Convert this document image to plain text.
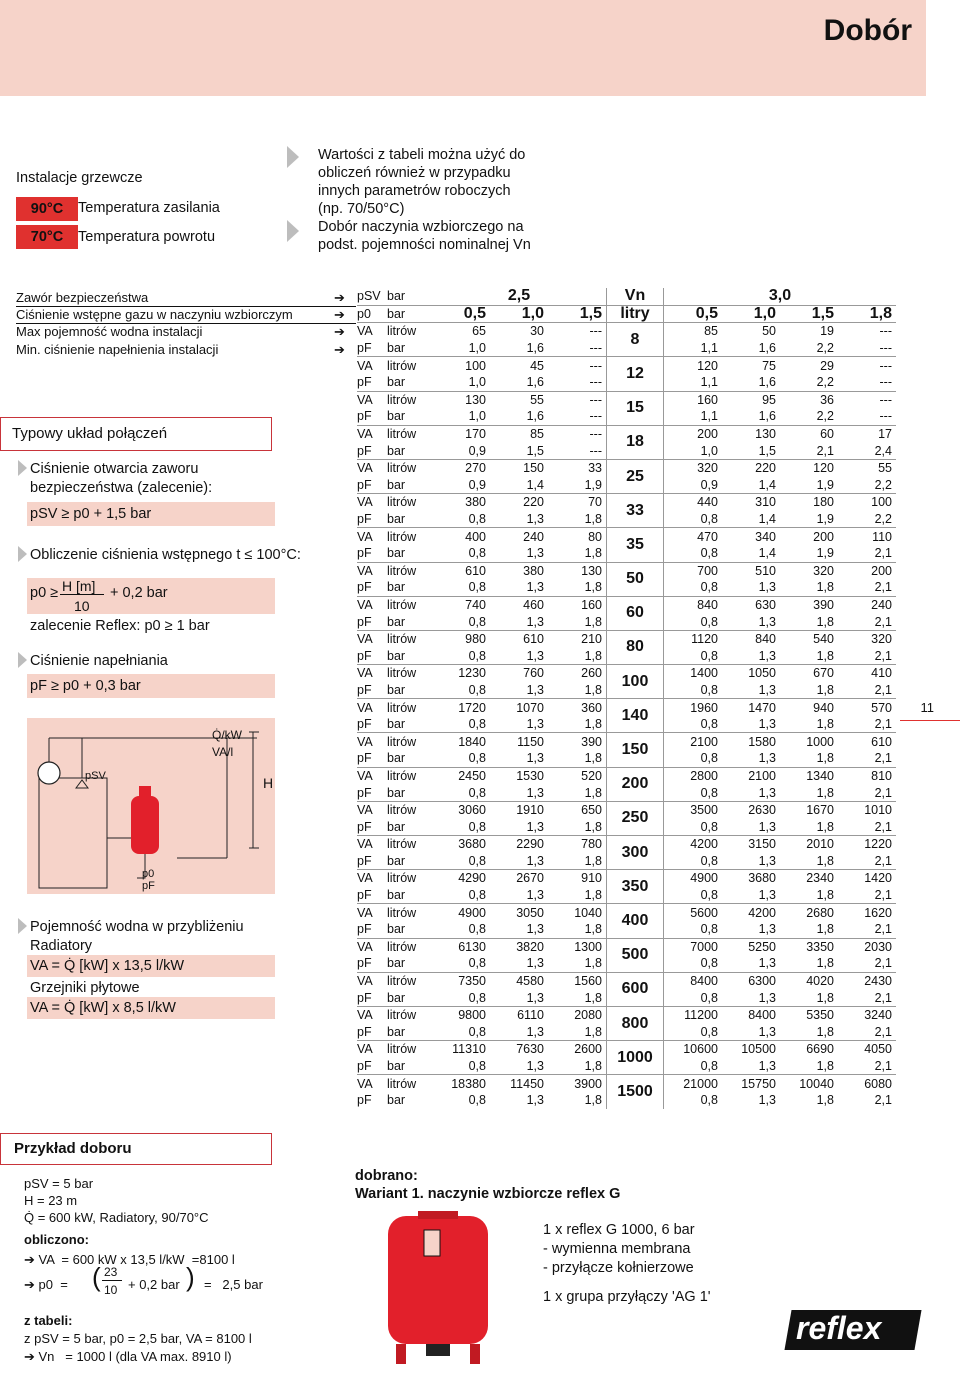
Dobór
11
Instalacje grzewcze
90°C	Temperatura zasilania
70°C	Temperatura powrotu
Wartości z tabeli można użyć do
obliczeń również w przypadku
innych parametrów roboczych
(np. 70/50°C)
Dobór naczynia wzbiorczego na
podst. pojemności nominalnej Vn
Zawór bezpieczeństwa
Ciśnienie wstępne gazu w naczyniu wzbiorczym
Max pojemność wodna instalacji
Min. ciśnienie napełnienia instalacji
➔
➔
➔
➔
pSV	bar	2,5			Vn	3,0			
p0	bar	0,5	1,0	1,5	litry	0,5	1,0	1,5	1,8
VA	litrów	65	30	---	8	85	50	19	---
pF	bar	1,0	1,6	---		1,1	1,6	2,2	---
VA	litrów	100	45	---	12	120	75	29	---
pF	bar	1,0	1,6	---		1,1	1,6	2,2	---
VA	litrów	130	55	---	15	160	95	36	---
pF	bar	1,0	1,6	---		1,1	1,6	2,2	---
VA	litrów	170	85	---	18	200	130	60	17
pF	bar	0,9	1,5	---		1,0	1,5	2,1	2,4
VA	litrów	270	150	33	25	320	220	120	55
pF	bar	0,9	1,4	1,9		0,9	1,4	1,9	2,2
VA	litrów	380	220	70	33	440	310	180	100
pF	bar	0,8	1,3	1,8		0,8	1,4	1,9	2,2
VA	litrów	400	240	80	35	470	340	200	110
pF	bar	0,8	1,3	1,8		0,8	1,4	1,9	2,1
VA	litrów	610	380	130	50	700	510	320	200
pF	bar	0,8	1,3	1,8		0,8	1,3	1,8	2,1
VA	litrów	740	460	160	60	840	630	390	240
pF	bar	0,8	1,3	1,8		0,8	1,3	1,8	2,1
VA	litrów	980	610	210	80	1120	840	540	320
pF	bar	0,8	1,3	1,8		0,8	1,3	1,8	2,1
VA	litrów	1230	760	260	100	1400	1050	670	410
pF	bar	0,8	1,3	1,8		0,8	1,3	1,8	2,1
VA	litrów	1720	1070	360	140	1960	1470	940	570
pF	bar	0,8	1,3	1,8		0,8	1,3	1,8	2,1
VA	litrów	1840	1150	390	150	2100	1580	1000	610
pF	bar	0,8	1,3	1,8		0,8	1,3	1,8	2,1
VA	litrów	2450	1530	520	200	2800	2100	1340	810
pF	bar	0,8	1,3	1,8		0,8	1,3	1,8	2,1
VA	litrów	3060	1910	650	250	3500	2630	1670	1010
pF	bar	0,8	1,3	1,8		0,8	1,3	1,8	2,1
VA	litrów	3680	2290	780	300	4200	3150	2010	1220
pF	bar	0,8	1,3	1,8		0,8	1,3	1,8	2,1
VA	litrów	4290	2670	910	350	4900	3680	2340	1420
pF	bar	0,8	1,3	1,8		0,8	1,3	1,8	2,1
VA	litrów	4900	3050	1040	400	5600	4200	2680	1620
pF	bar	0,8	1,3	1,8		0,8	1,3	1,8	2,1
VA	litrów	6130	3820	1300	500	7000	5250	3350	2030
pF	bar	0,8	1,3	1,8		0,8	1,3	1,8	2,1
VA	litrów	7350	4580	1560	600	8400	6300	4020	2430
pF	bar	0,8	1,3	1,8		0,8	1,3	1,8	2,1
VA	litrów	9800	6110	2080	800	11200	8400	5350	3240
pF	bar	0,8	1,3	1,8		0,8	1,3	1,8	2,1
VA	litrów	11310	7630	2600	1000	10600	10500	6690	4050
pF	bar	0,8	1,3	1,8		0,8	1,3	1,8	2,1
VA	litrów	18380	11450	3900	1500	21000	15750	10040	6080
pF	bar	0,8	1,3	1,8		0,8	1,3	1,8	2,1
Typowy układ połączeń
Ciśnienie otwarcia zaworu
bezpieczeństwa (zalecenie):
pSV ≥ p0 + 1,5 bar
Obliczenie ciśnienia wstępnego t ≤ 100°C:
p0 ≥ H [m]
10
+ 0,2 bar
zalecenie Reflex: p0 ≥ 1 bar
Ciśnienie napełniania
pF ≥ p0 + 0,3 bar
pSV
Q̇/kW
VA/l
H
p0
pF
Pojemność wodna w przybliżeniu
Radiatory
VA = Q̇ [kW] x 13,5 l/kW
Grzejniki płytowe
VA = Q̇ [kW] x 8,5 l/kW
Przykład doboru
pSV = 5 bar
H = 23 m
Q̇ = 600 kW, Radiatory, 90/70°C
obliczono:
➔ VA  = 600 kW x 13,5 l/kW  =8100 l
➔ p0  = ( 23
10 + 0,2 bar ) =   2,5 bar
z tabeli:
z pSV = 5 bar, p0 = 2,5 bar, VA = 8100 l
➔ Vn   = 1000 l (dla VA max. 8910 l)
dobrano:
Wariant 1. naczynie wzbiorcze reflex G
1 x reflex G 1000, 6 bar
- wymienna membrana
- przyłącze kołnierzowe
1 x grupa przyłączy 'AG 1'
reflex
